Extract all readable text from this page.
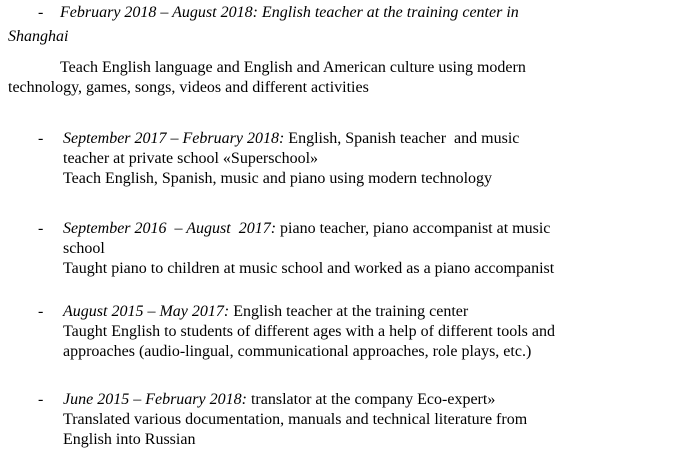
- February 2018 – August 2018: English teacher at the training center in
Shanghai
Teach English language and English and American culture using modern
technology, games, songs, videos and different activities
- September 2017 – February 2018: English, Spanish teacher  and music
teacher at private school «Superschool»
Teach English, Spanish, music and piano using modern technology
- September 2016  – August  2017: piano teacher, piano accompanist at music
school
Taught piano to children at music school and worked as a piano accompanist
- August 2015 – May 2017: English teacher at the training center
Taught English to students of different ages with a help of different tools and
approaches (audio-lingual, communicational approaches, role plays, etc.)
- June 2015 – February 2018: translator at the company Eco-expert»
Translated various documentation, manuals and technical literature from
English into Russian
